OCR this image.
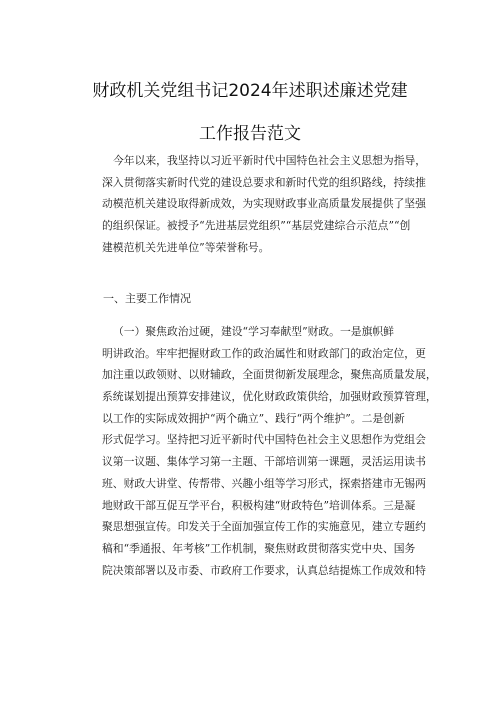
财政机关党组书记2024年述职述廉述党建
工作报告范文
今年以来，我坚持以习近平新时代中国特色社会主义思想为指导，
深入贯彻落实新时代党的建设总要求和新时代党的组织路线，持续推
动模范机关建设取得新成效，为实现财政事业高质量发展提供了坚强
的组织保证。被授予“先进基层党组织”“基层党建综合示范点”“创
建模范机关先进单位”等荣誉称号。
一、主要工作情况
（一）聚焦政治过硬，建设“学习奉献型”财政。一是旗帜鲜
明讲政治。牢牢把握财政工作的政治属性和财政部门的政治定位，更
加注重以政领财、以财辅政，全面贯彻新发展理念，聚焦高质量发展，
系统谋划提出预算安排建议，优化财政政策供给，加强财政预算管理，
以工作的实际成效拥护“两个确立”、践行“两个维护”。二是创新
形式促学习。坚持把习近平新时代中国特色社会主义思想作为党组会
议第一议题、集体学习第一主题、干部培训第一课题，灵活运用读书
班、财政大讲堂、传帮带、兴趣小组等学习形式，探索搭建市无锡两
地财政干部互促互学平台，积极构建“财政特色”培训体系。三是凝
聚思想强宣传。印发关于全面加强宣传工作的实施意见，建立专题约
稿和“季通报、年考核”工作机制，聚焦财政贯彻落实党中央、国务
院决策部署以及市委、市政府工作要求，认真总结提炼工作成效和特
